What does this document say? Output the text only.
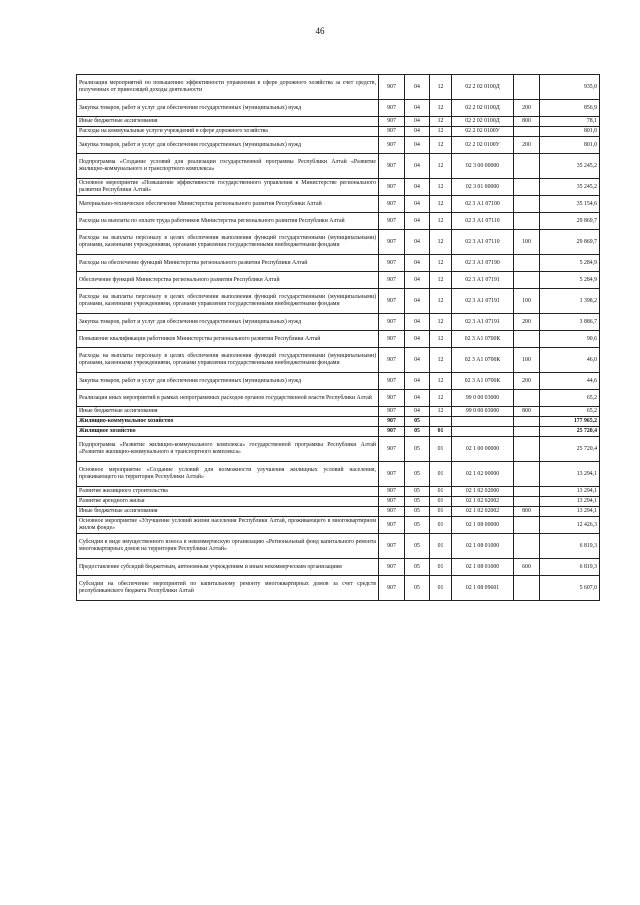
46
Реализация мероприятий по повышению эффективности управления в сфере дорожного хозяйства за счет средств, полученных от приносящей доходы деятельности	907	04	12	02 2 02 0100Д		935,0
Закупка товаров, работ и услуг для обеспечения государственных (муниципальных) нужд	907	04	12	02 2 02 0100Д	200	856,9
Иные бюджетные ассигнования	907	04	12	02 2 02 0100Д	800	78,1
Расходы на коммунальные услуги учреждений в сфере дорожного хозяйства	907	04	12	02 2 02 0100У		801,0
Закупка товаров, работ и услуг для обеспечения государственных (муниципальных) нужд	907	04	12	02 2 02 0100У	200	801,0
Подпрограмма «Создание условий для реализации государственной программы Республики Алтай «Развитие жилищно-коммунального и транспортного комплекса»	907	04	12	02 3 00 00000		35 245,2
Основное мероприятие «Повышение эффективности государственного управления в Министерстве регионального развития Республики Алтай»	907	04	12	02 3 01 00000		35 245,2
Материально-техническое обеспечение Министерства регионального развития Республики Алтай	907	04	12	02 3 А1 07100		35 154,6
Расходы на выплаты по оплате труда работников Министерства регионального развития Республики Алтай	907	04	12	02 3 А1 07110		29 869,7
Расходы на выплаты персоналу в целях обеспечения выполнения функций государственными (муниципальными) органами, казенными учреждениями, органами управления государственными внебюджетными фондами	907	04	12	02 3 А1 07110	100	29 869,7
Расходы на обеспечение функций Министерства регионального развития Республики Алтай	907	04	12	02 3 А1 07190		5 284,9
Обеспечение функций Министерства регионального развития Республики Алтай	907	04	12	02 3 А1 07191		5 284,9
Расходы на выплаты персоналу в целях обеспечения выполнения функций государственными (муниципальными) органами, казенными учреждениями, органами управления государственными внебюджетными фондами	907	04	12	02 3 А1 07191	100	1 398,2
Закупка товаров, работ и услуг для обеспечения государственных (муниципальных) нужд	907	04	12	02 3 А1 07191	200	3 886,7
Повышение квалификации работников Министерства регионального развития Республики Алтай	907	04	12	02 3 А1 0700К		90,6
Расходы на выплаты персоналу в целях обеспечения выполнения функций государственными (муниципальными) органами, казенными учреждениями, органами управления государственными внебюджетными фондами	907	04	12	02 3 А1 0700К	100	46,0
Закупка товаров, работ и услуг для обеспечения государственных (муниципальных) нужд	907	04	12	02 3 А1 0700К	200	44,6
Реализация иных мероприятий в рамках непрограммных расходов органов государственной власти Республики Алтай	907	04	12	99 0 00 03000		65,2
Иные бюджетные ассигнования	907	04	12	99 0 00 03000	800	65,2
Жилищно-коммунальное хозяйство	907	05				177 965,2
Жилищное хозяйство	907	05	01			25 720,4
Подпрограмма «Развитие жилищно-коммунального комплекса» государственной программы Республики Алтай «Развитие жилищно-коммунального и транспортного комплекса»	907	05	01	02 1 00 00000		25 720,4
Основное мероприятие «Создание условий для возможности улучшения жилищных условий населения, проживающего на территории Республики Алтай»	907	05	01	02 1 02 00000		13 294,1
Развитие жилищного строительства	907	05	01	02 1 02 02000		13 294,1
Развитие арендного жилья	907	05	01	02 1 02 02002		13 294,1
Иные бюджетные ассигнования	907	05	01	02 1 02 02002	800	13 294,1
Основное мероприятие «Улучшение условий жизни населения Республики Алтай, проживающего в многоквартирном жилом фонде»	907	05	01	02 1 08 00000		12 426,3
Субсидия в виде имущественного взноса в некоммерческую организацию «Региональный фонд капитального ремонта многоквартирных домов на территории Республики Алтай»	907	05	01	02 1 08 01000		6 819,3
Предоставление субсидий бюджетным, автономным учреждениям и иным некоммерческим организациям	907	05	01	02 1 08 01000	600	6 819,3
Субсидии на обеспечение мероприятий по капитальному ремонту многоквартирных домов за счет средств республиканского бюджета Республики Алтай	907	05	01	02 1 08 09601		5 607,0
